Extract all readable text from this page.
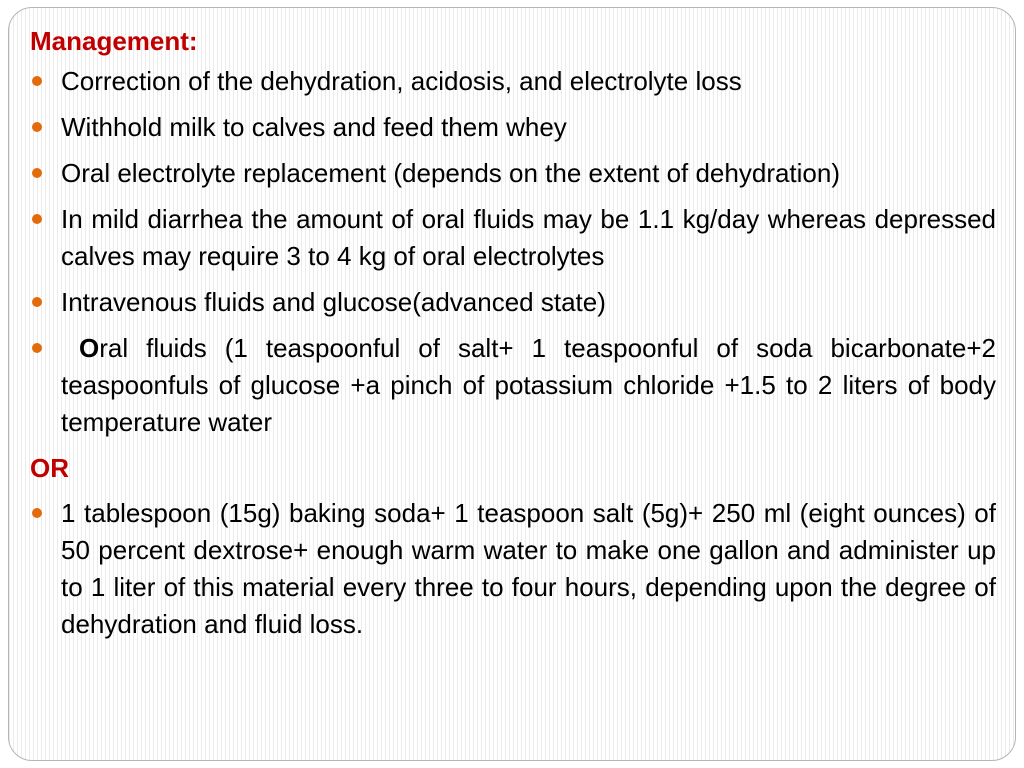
Management:
Correction of the dehydration, acidosis, and electrolyte loss
Withhold milk to calves and feed them whey
Oral electrolyte replacement (depends on the extent of dehydration)
In mild diarrhea the amount of oral fluids may be 1.1 kg/day whereas depressed calves may require 3 to 4 kg of oral electrolytes
Intravenous fluids and glucose(advanced state)
Oral fluids (1 teaspoonful of salt+ 1 teaspoonful of soda bicarbonate+2 teaspoonfuls of glucose +a pinch of potassium chloride +1.5 to 2 liters of body temperature water
OR
1 tablespoon (15g) baking soda+ 1 teaspoon salt (5g)+ 250 ml (eight ounces) of 50 percent dextrose+ enough warm water to make one gallon and administer up to 1 liter of this material every three to four hours, depending upon the degree of dehydration and fluid loss.
